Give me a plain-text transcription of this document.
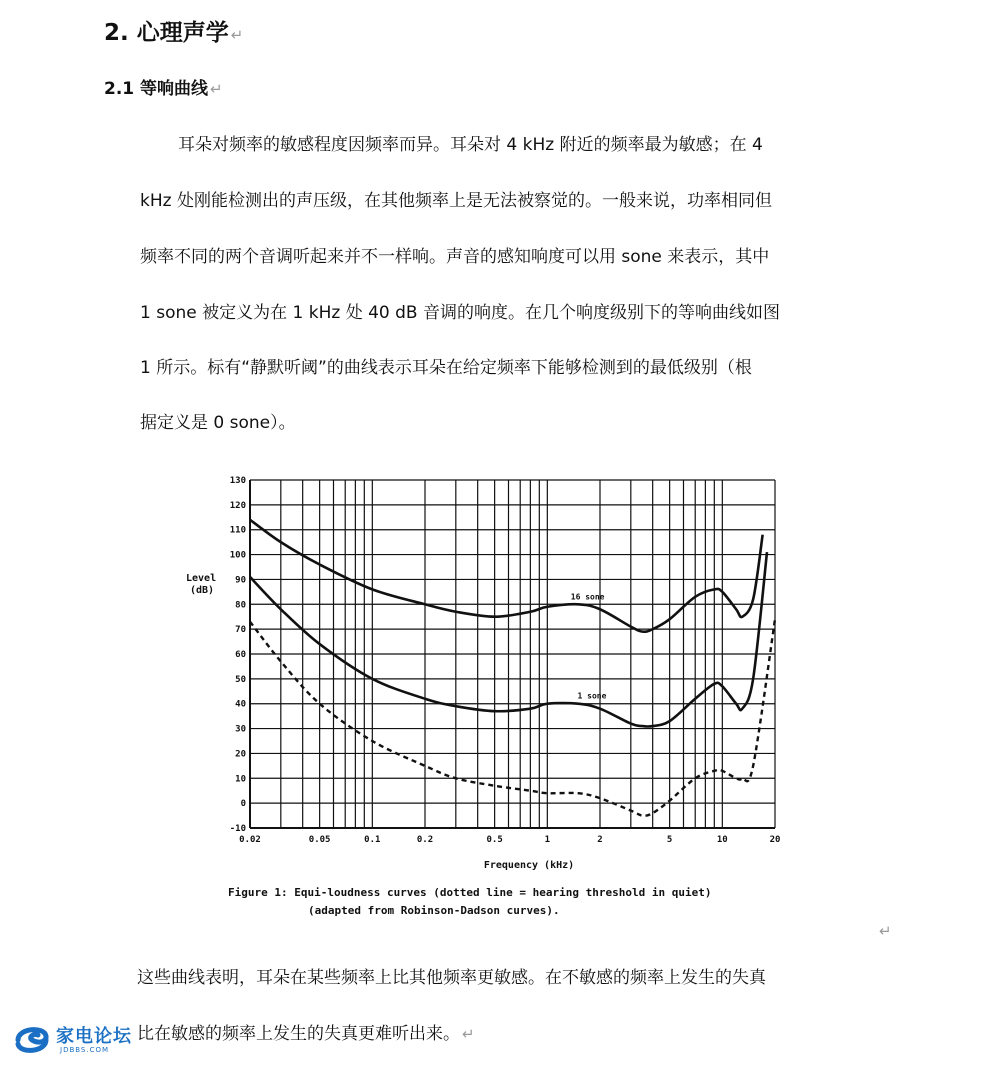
2. 心理声学 ↵
2.1 等响曲线 ↵

耳朵对频率的敏感程度因频率而异。耳朵对 4 kHz 附近的频率最为敏感；在 4

kHz 处刚能检测出的声压级，在其他频率上是无法被察觉的。一般来说，功率相同但

频率不同的两个音调听起来并不一样响。声音的感知响度可以用 sone 来表示，其中

1 sone 被定义为在 1 kHz 处 40 dB 音调的响度。在几个响度级别下的等响曲线如图

1 所示。标有“静默听阈”的曲线表示耳朵在给定频率下能够检测到的最低级别（根

据定义是 0 sone）。

-10
0
10
20
30
40
50
60
70
80
90
100
110
120
130
0.02	0.05	0.1	0.2	0.5	1	2	5	10	20
16 sone
1 sone
Level (dB)
Frequency (kHz)
Figure 1: Equi-loudness curves (dotted line = hearing threshold in quiet)
(adapted from Robinson-Dadson curves).
↵

这些曲线表明，耳朵在某些频率上比其他频率更敏感。在不敏感的频率上发生的失真

比在敏感的频率上发生的失真更难听出来。 ↵

家电论坛
JDBBS.COM
